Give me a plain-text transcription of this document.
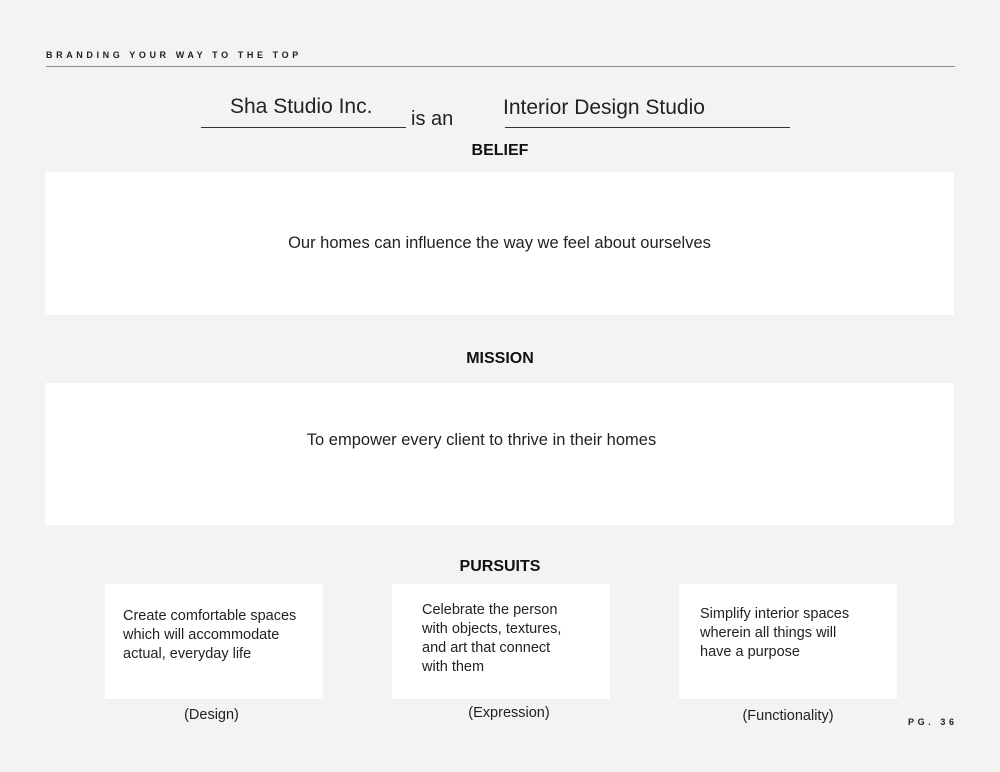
BRANDING YOUR WAY TO THE TOP
Sha Studio Inc.
is an Interior Design Studio
BELIEF
Our homes can influence the way we feel about ourselves
MISSION
To empower every client to thrive in their homes
PURSUITS
Create comfortable spaces
which will accommodate
actual, everyday life
(Design)
Celebrate the person
with objects, textures,
and art that connect
with them
(Expression)
Simplify interior spaces
wherein all things will
have a purpose
(Functionality)	PG. 36
